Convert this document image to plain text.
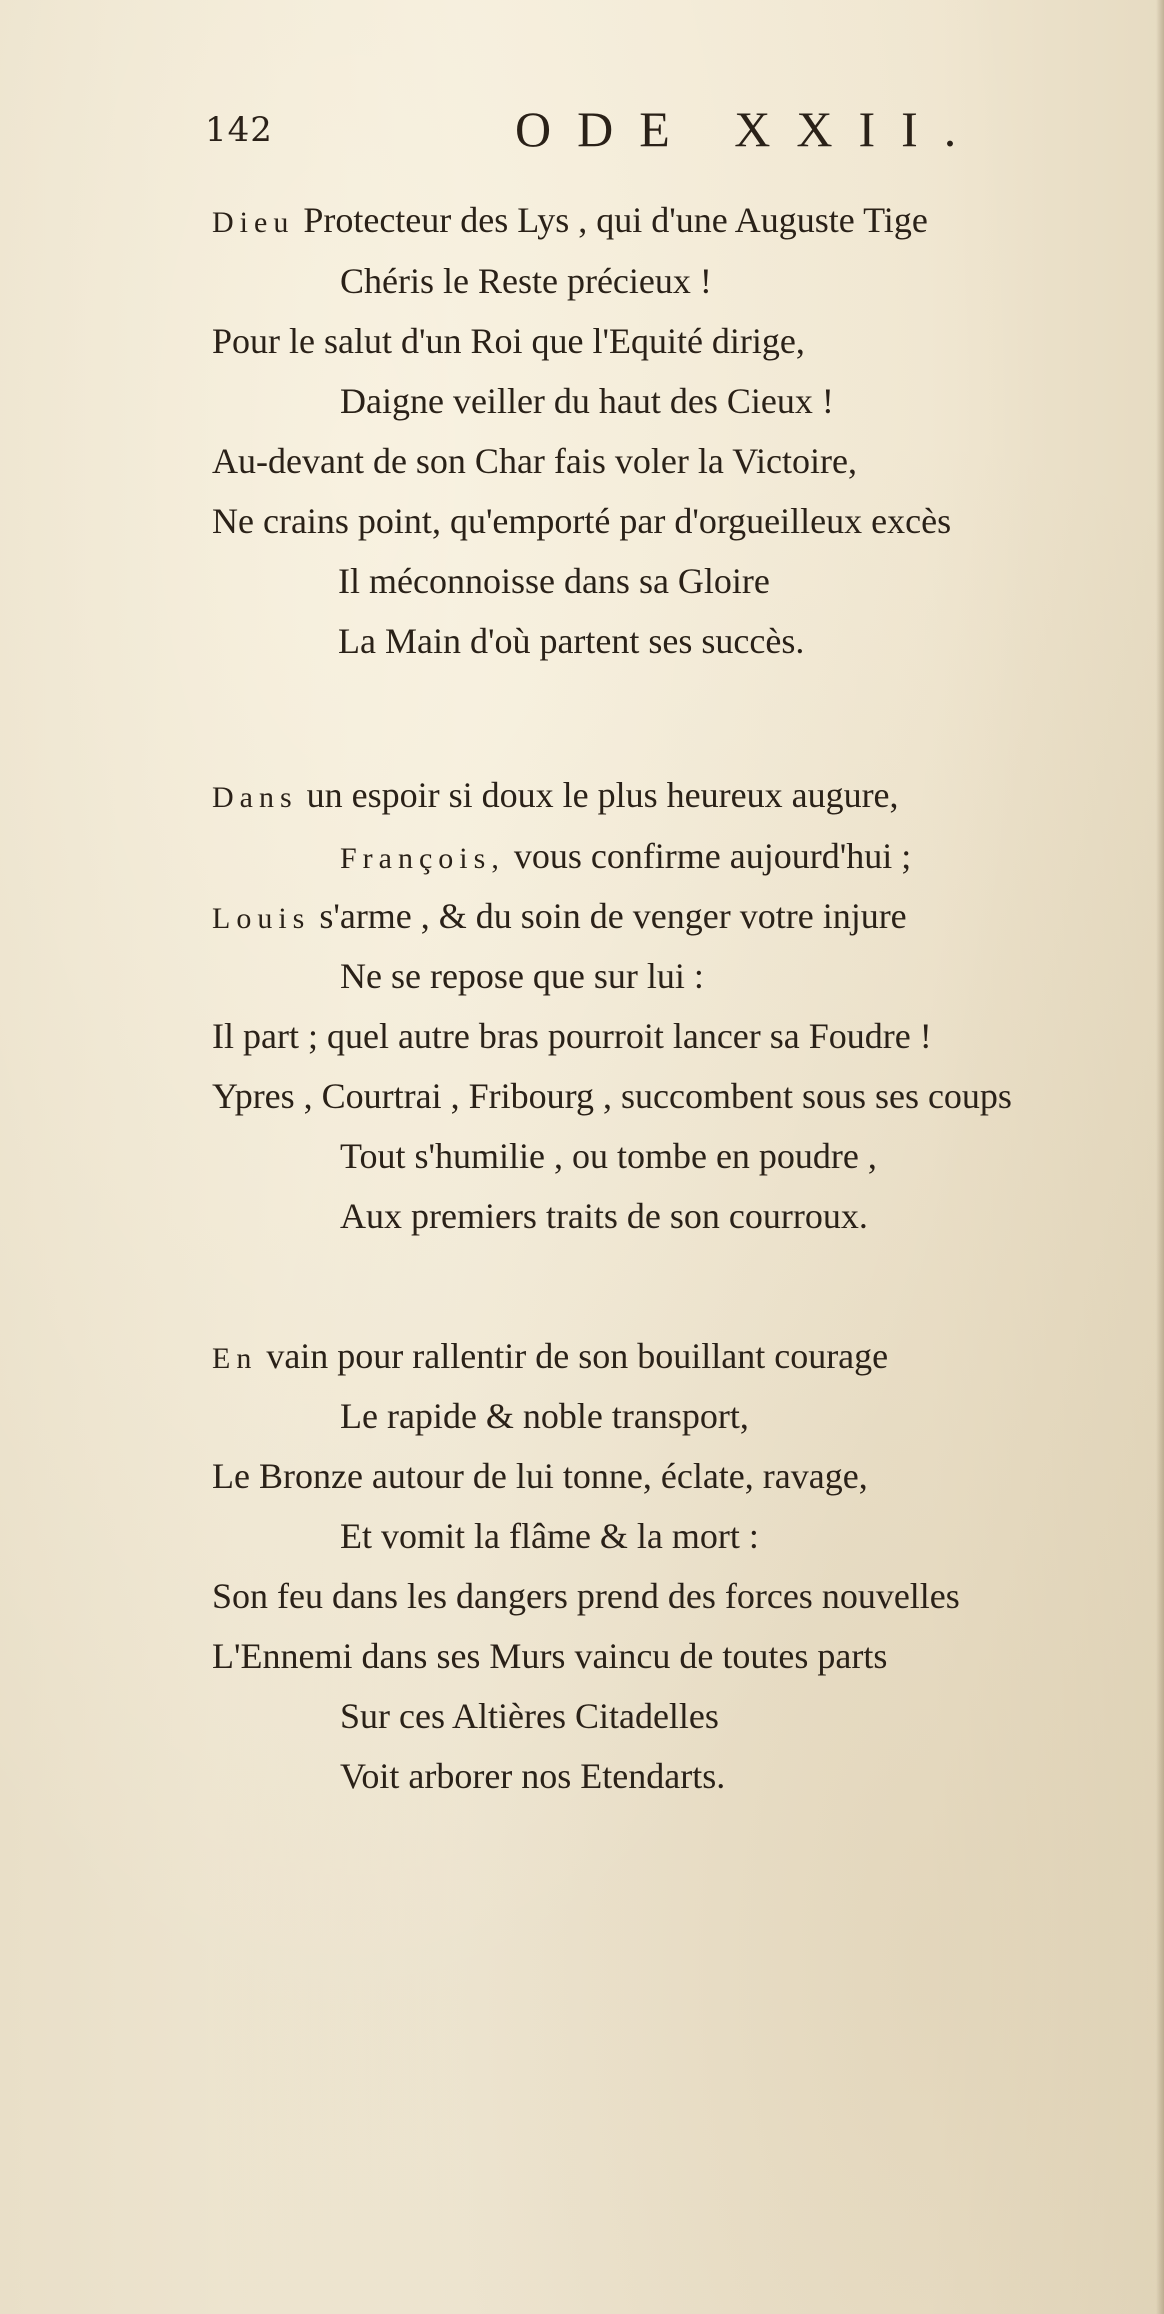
142	ODE XXII.
Dieu Protecteur des Lys , qui d'une Auguste Tige
Chéris le Reste précieux !
Pour le salut d'un Roi que l'Equité dirige,
Daigne veiller du haut des Cieux !
Au-devant de son Char fais voler la Victoire,
Ne crains point, qu'emporté par d'orgueilleux excès
Il méconnoisse dans sa Gloire
La Main d'où partent ses succès.
Dans un espoir si doux le plus heureux augure,
François, vous confirme aujourd'hui ;
Louis s'arme , & du soin de venger votre injure
Ne se repose que sur lui :
Il part ; quel autre bras pourroit lancer sa Foudre !
Ypres , Courtrai , Fribourg , succombent sous ses coups
Tout s'humilie , ou tombe en poudre ,
Aux premiers traits de son courroux.
En vain pour rallentir de son bouillant courage
Le rapide & noble transport,
Le Bronze autour de lui tonne, éclate, ravage,
Et vomit la flâme & la mort :
Son feu dans les dangers prend des forces nouvelles
L'Ennemi dans ses Murs vaincu de toutes parts
Sur ces Altières Citadelles
Voit arborer nos Etendarts.
